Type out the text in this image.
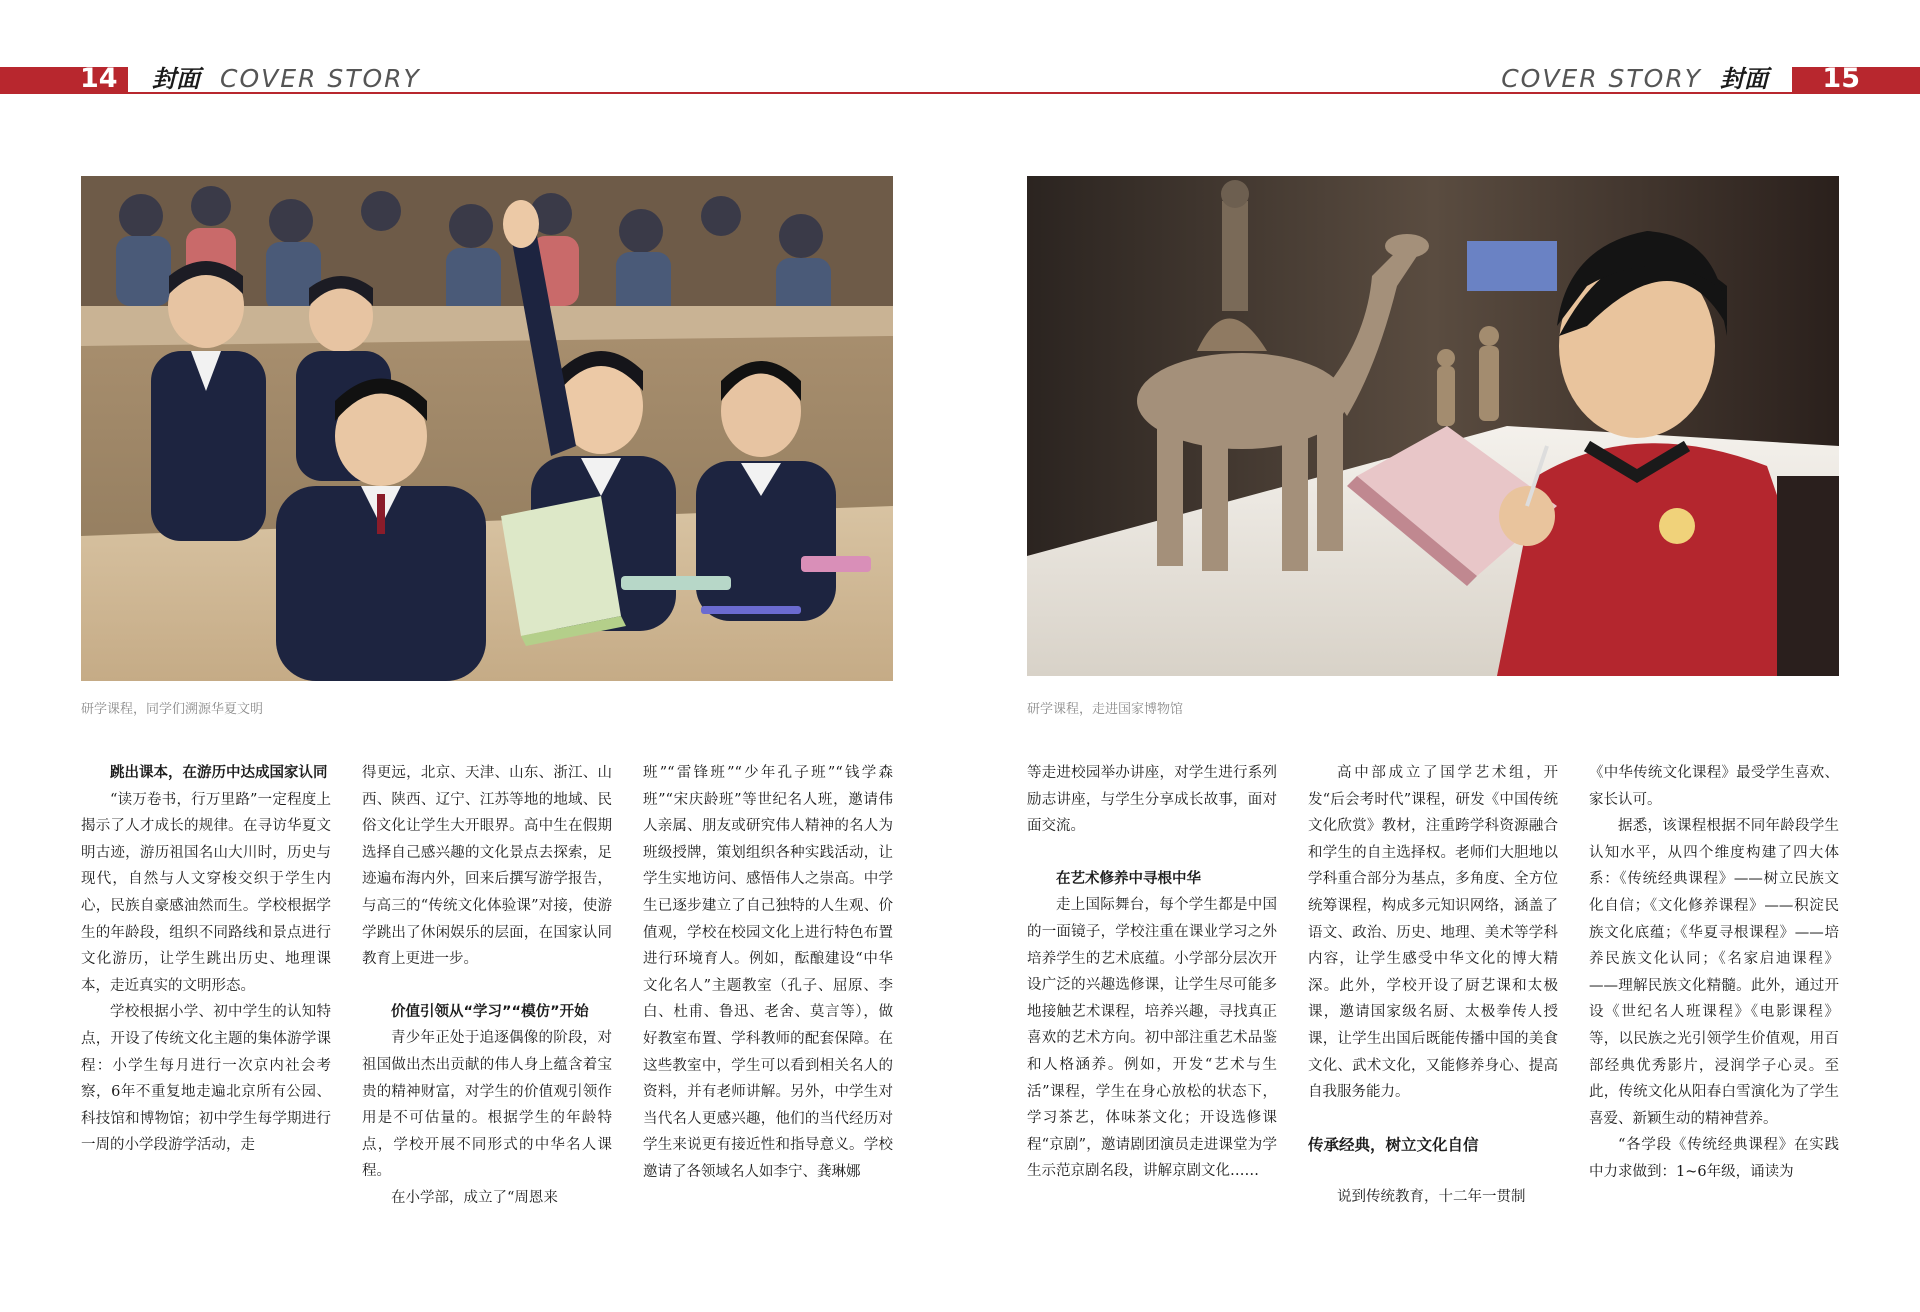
14 封面 COVER STORY	COVER STORY 封面 15
研学课程，同学们溯源华夏文明	研学课程，走进国家博物馆
跳出课本，在游历中达成国家认同

“读万卷书，行万里路”一定程度上揭示了人才成长的规律。在寻访华夏文明古迹，游历祖国名山大川时，历史与现代，自然与人文穿梭交织于学生内心，民族自豪感油然而生。学校根据学生的年龄段，组织不同路线和景点进行文化游历，让学生跳出历史、地理课本，走近真实的文明形态。

学校根据小学、初中学生的认知特点，开设了传统文化主题的集体游学课程：小学生每月进行一次京内社会考察，6年不重复地走遍北京所有公园、科技馆和博物馆；初中学生每学期进行一周的小学段游学活动，走

得更远，北京、天津、山东、浙江、山西、陕西、辽宁、江苏等地的地域、民俗文化让学生大开眼界。高中生在假期选择自己感兴趣的文化景点去探索，足迹遍布海内外，回来后撰写游学报告，与高三的“传统文化体验课”对接，使游学跳出了休闲娱乐的层面，在国家认同教育上更进一步。

价值引领从“学习”“模仿”开始

青少年正处于追逐偶像的阶段，对祖国做出杰出贡献的伟人身上蕴含着宝贵的精神财富，对学生的价值观引领作用是不可估量的。根据学生的年龄特点，学校开展不同形式的中华名人课程。

在小学部，成立了“周恩来

班”“雷锋班”“少年孔子班”“钱学森班”“宋庆龄班”等世纪名人班，邀请伟人亲属、朋友或研究伟人精神的名人为班级授牌，策划组织各种实践活动，让学生实地访问、感悟伟人之崇高。中学生已逐步建立了自己独特的人生观、价值观，学校在校园文化上进行特色布置进行环境育人。例如，酝酿建设“中华文化名人”主题教室（孔子、屈原、李白、杜甫、鲁迅、老舍、莫言等），做好教室布置、学科教师的配套保障。在这些教室中，学生可以看到相关名人的资料，并有老师讲解。另外，中学生对当代名人更感兴趣，他们的当代经历对学生来说更有接近性和指导意义。学校邀请了各领域名人如李宁、龚琳娜

等走进校园举办讲座，对学生进行系列励志讲座，与学生分享成长故事，面对面交流。

在艺术修养中寻根中华

走上国际舞台，每个学生都是中国的一面镜子，学校注重在课业学习之外培养学生的艺术底蕴。小学部分层次开设广泛的兴趣选修课，让学生尽可能多地接触艺术课程，培养兴趣，寻找真正喜欢的艺术方向。初中部注重艺术品鉴和人格涵养。例如，开发“艺术与生活”课程，学生在身心放松的状态下，学习茶艺，体味茶文化；开设选修课程“京剧”，邀请剧团演员走进课堂为学生示范京剧名段，讲解京剧文化……

高中部成立了国学艺术组，开发“后会考时代”课程，研发《中国传统文化欣赏》教材，注重跨学科资源融合和学生的自主选择权。老师们大胆地以学科重合部分为基点，多角度、全方位统筹课程，构成多元知识网络，涵盖了语文、政治、历史、地理、美术等学科内容，让学生感受中华文化的博大精深。此外，学校开设了厨艺课和太极课，邀请国家级名厨、太极拳传人授课，让学生出国后既能传播中国的美食文化、武术文化，又能修养身心、提高自我服务能力。

传承经典，树立文化自信

说到传统教育，十二年一贯制

《中华传统文化课程》最受学生喜欢、家长认可。

据悉，该课程根据不同年龄段学生认知水平，从四个维度构建了四大体系：《传统经典课程》——树立民族文化自信；《文化修养课程》——积淀民族文化底蕴；《华夏寻根课程》——培养民族文化认同；《名家启迪课程》——理解民族文化精髓。此外，通过开设《世纪名人班课程》《电影课程》等，以民族之光引领学生价值观，用百部经典优秀影片，浸润学子心灵。至此，传统文化从阳春白雪演化为了学生喜爱、新颖生动的精神营养。

“各学段《传统经典课程》在实践中力求做到：1~6年级，诵读为
